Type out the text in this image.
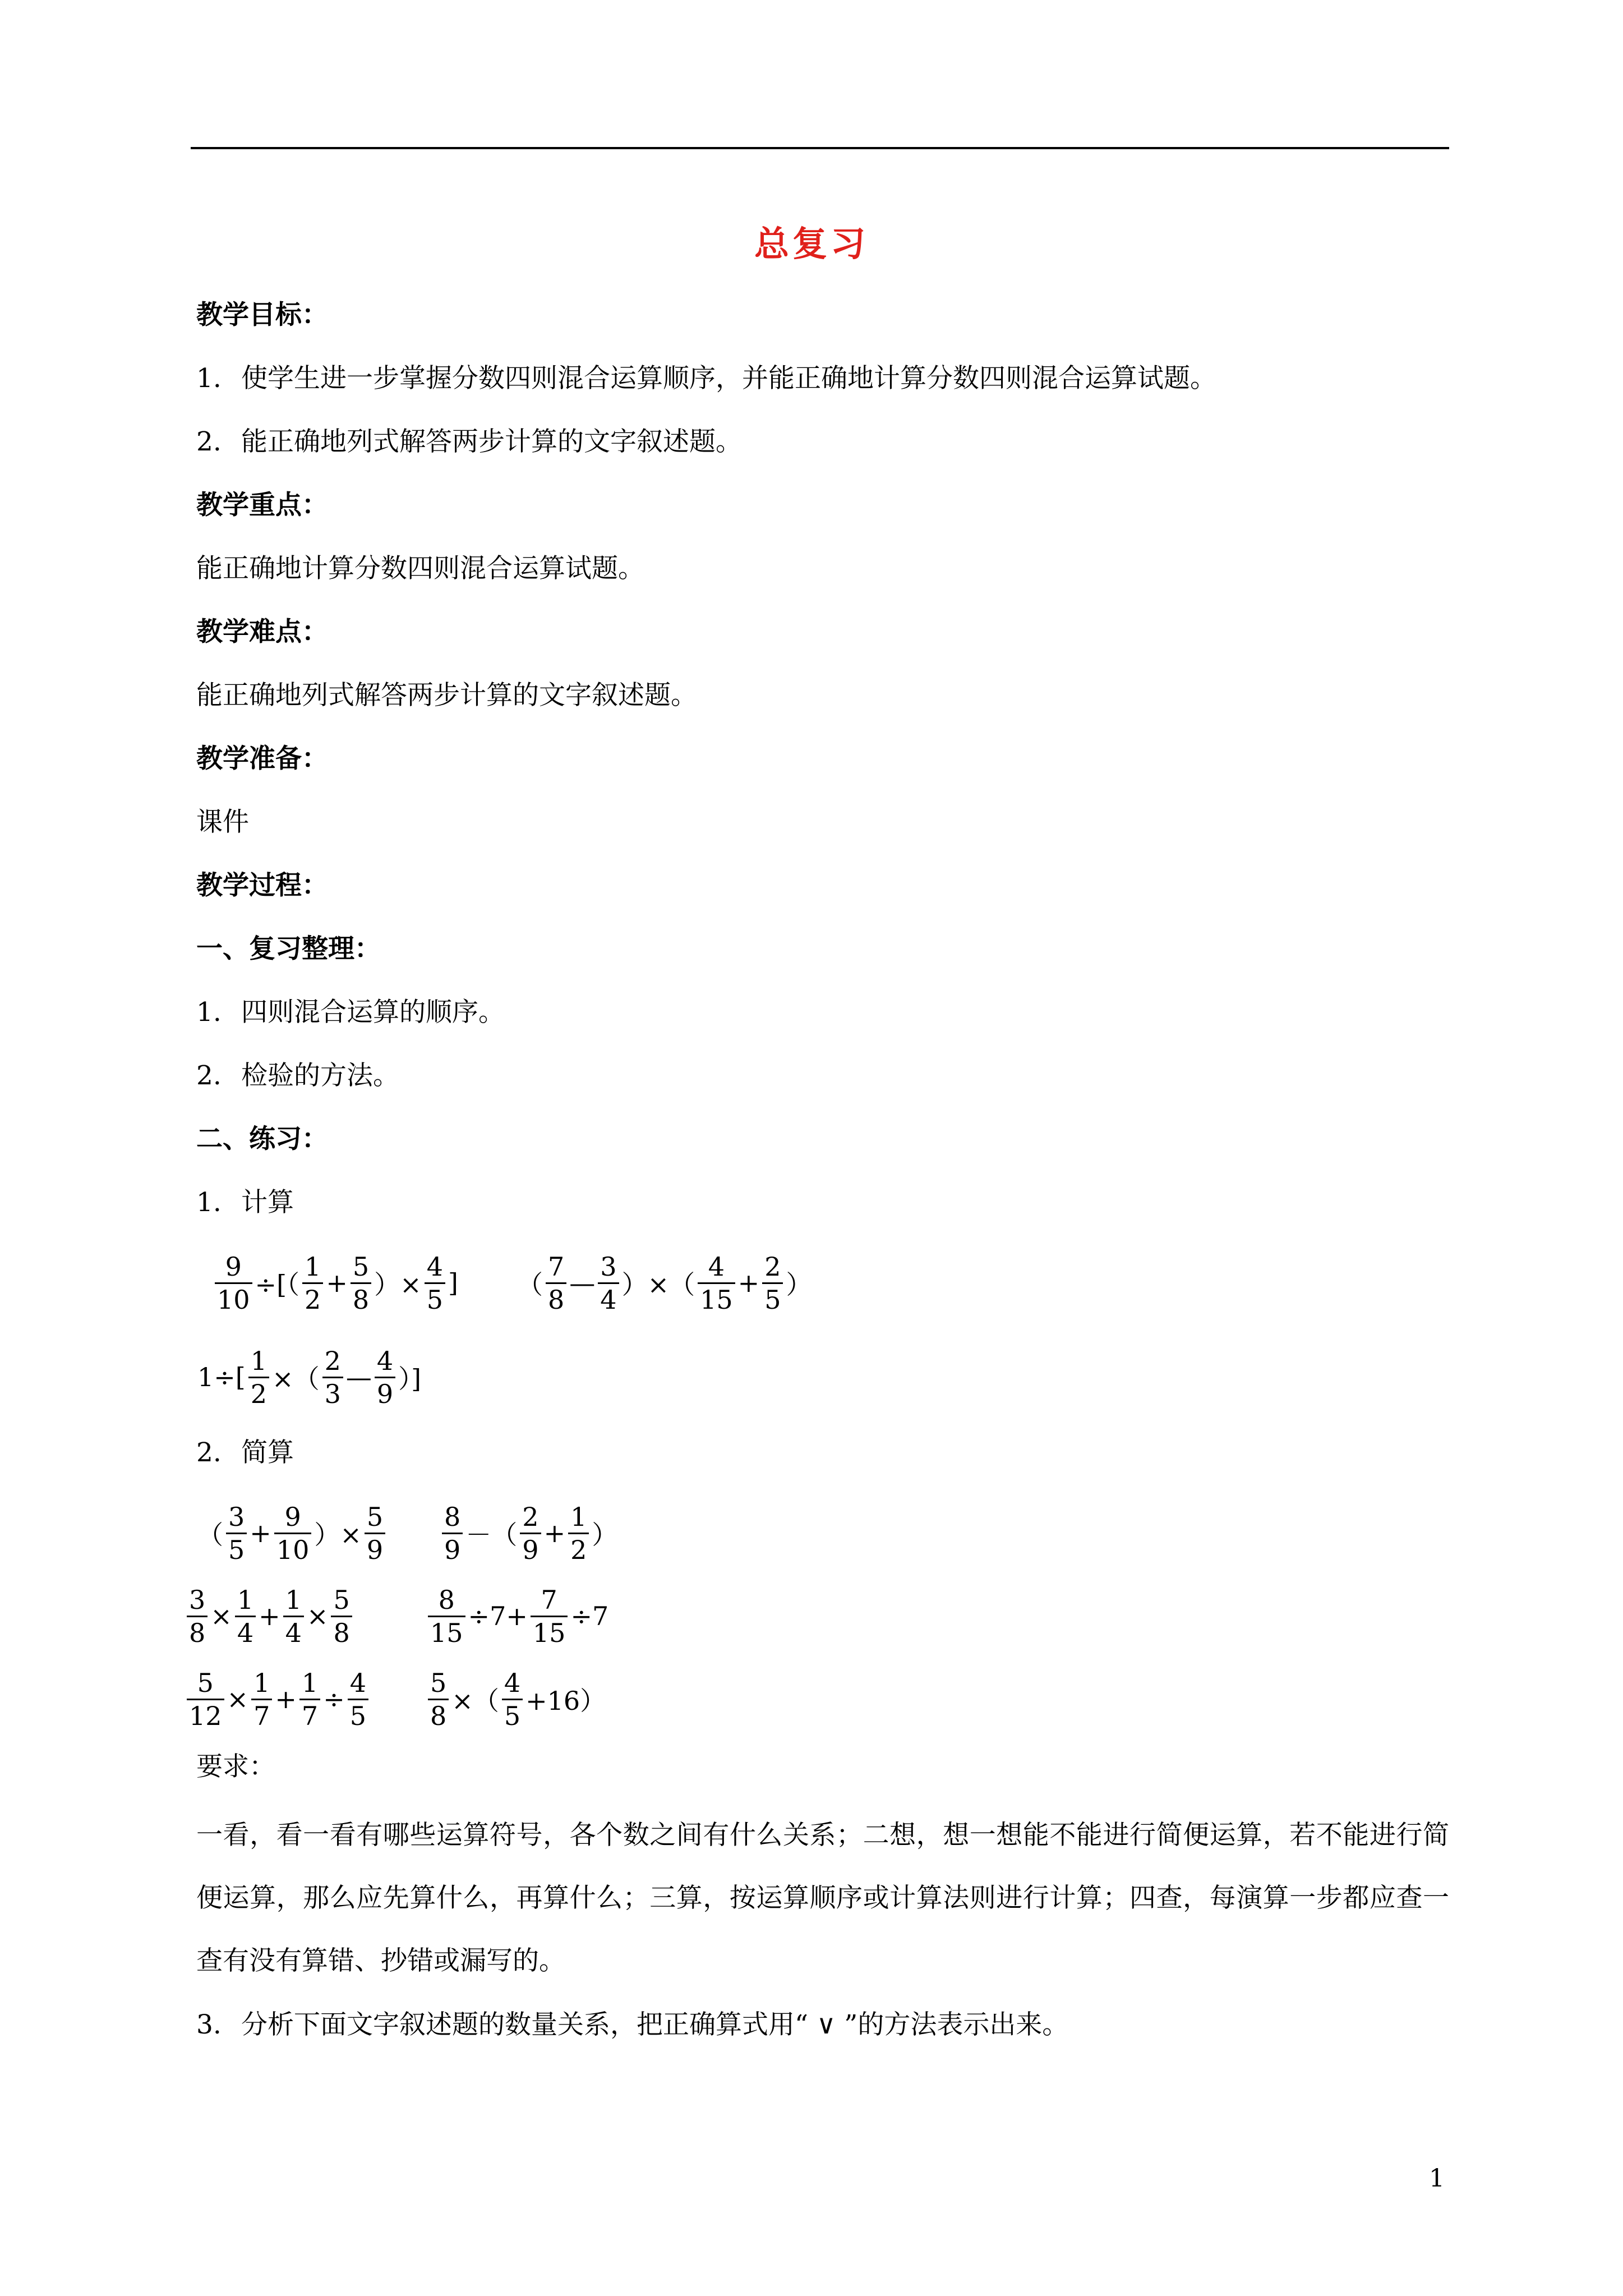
总复习
教学目标：
1. 使学生进一步掌握分数四则混合运算顺序，并能正确地计算分数四则混合运算试题。
2. 能正确地列式解答两步计算的文字叙述题。
教学重点：
能正确地计算分数四则混合运算试题。
教学难点：
能正确地列式解答两步计算的文字叙述题。
教学准备：
课件
教学过程：
一、复习整理：
1. 四则混合运算的顺序。
2. 检验的方法。
二、练习：
1. 计算
$\frac{9}{10}$ ÷[（ $\frac{1}{2} + \frac{5}{8}$ ）× $\frac{4}{5}$ ] （ $\frac{7}{8}$ — $\frac{3}{4}$ ）×（ $\frac{4}{15} + \frac{2}{5}$ ）
$1\div[ \frac{1}{2}$ ×（ $\frac{2}{3}$ — $\frac{4}{9}$ ）]
2. 简算
（ $\frac{3}{5} + \frac{9}{10}$ ）× $\frac{5}{9} \frac{8}{9}$ －（ $\frac{2}{9} + \frac{1}{2}$ ）
$\frac{3}{8} \times \frac{1}{4} + \frac{1}{4} \times \frac{5}{8}$	$\frac{8}{15} \div 7+ \frac{7}{15} \div 7$
$\frac{5}{12} \times \frac{1}{7} + \frac{1}{7} \div \frac{4}{5} \frac{5}{8}$ ×（ $\frac{4}{5} +16$）
要求：
一看，看一看有哪些运算符号，各个数之间有什么关系；二想，想一想能不能进行简便运算，若不能进行简便运算，那么应先算什么，再算什么；三算，按运算顺序或计算法则进行计算；四查，每演算一步都应查一查有没有算错、抄错或漏写的。
3. 分析下面文字叙述题的数量关系，把正确算式用“ ∨ ”的方法表示出来。
1
